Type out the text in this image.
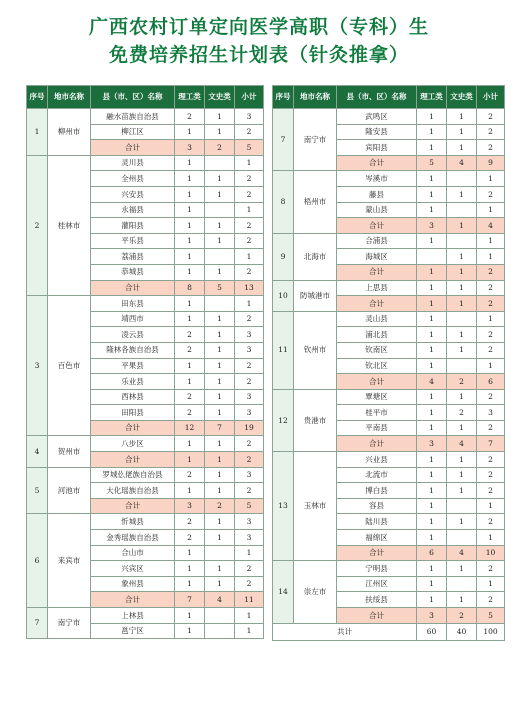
广西农村订单定向医学高职（专科）生
免费培养招生计划表（针灸推拿）
序号	地市名称	县（市、区）名称	理工类	文史类	小计
1	柳州市	融水苗族自治县	2	1	3
		柳江区	1	1	2
		合计	3	2	5
2	桂林市	灵川县	1		1
		全州县	1	1	2
		兴安县	1	1	2
		永福县	1		1
		灌阳县	1	1	2
		平乐县	1	1	2
		荔浦县	1		1
		恭城县	1	1	2
		合计	8	5	13
3	百色市	田东县	1		1
		靖西市	1	1	2
		凌云县	2	1	3
		隆林各族自治县	2	1	3
		平果县	1	1	2
		乐业县	1	1	2
		西林县	2	1	3
		田阳县	2	1	3
		合计	12	7	19
4	贺州市	八步区	1	1	2
		合计	1	1	2
5	河池市	罗城仫佬族自治县	2	1	3
		大化瑶族自治县	1	1	2
		合计	3	2	5
6	来宾市	忻城县	2	1	3
		金秀瑶族自治县	2	1	3
		合山市	1		1
		兴宾区	1	1	2
		象州县	1	1	2
		合计	7	4	11
7	南宁市	上林县	1		1
		邕宁区	1		1
序号	地市名称	县（市、区）名称	理工类	文史类	小计
7	南宁市	武鸣区	1	1	2
		隆安县	1	1	2
		宾阳县	1	1	2
		合计	5	4	9
8	梧州市	岑溪市	1		1
		藤县	1	1	2
		蒙山县	1		1
		合计	3	1	4
9	北海市	合浦县	1		1
		海城区		1	1
		合计	1	1	2
10	防城港市	上思县	1	1	2
		合计	1	1	2
11	钦州市	灵山县	1		1
		浦北县	1	1	2
		钦南区	1	1	2
		钦北区	1		1
		合计	4	2	6
12	贵港市	覃塘区	1	1	2
		桂平市	1	2	3
		平南县	1	1	2
		合计	3	4	7
13	玉林市	兴业县	1	1	2
		北流市	1	1	2
		博白县	1	1	2
		容县	1		1
		陆川县	1	1	2
		福绵区	1		1
		合计	6	4	10
14	崇左市	宁明县	1	1	2
		江州区	1		1
		扶绥县	1	1	2
		合计	3	2	5
共计			60	40	100
